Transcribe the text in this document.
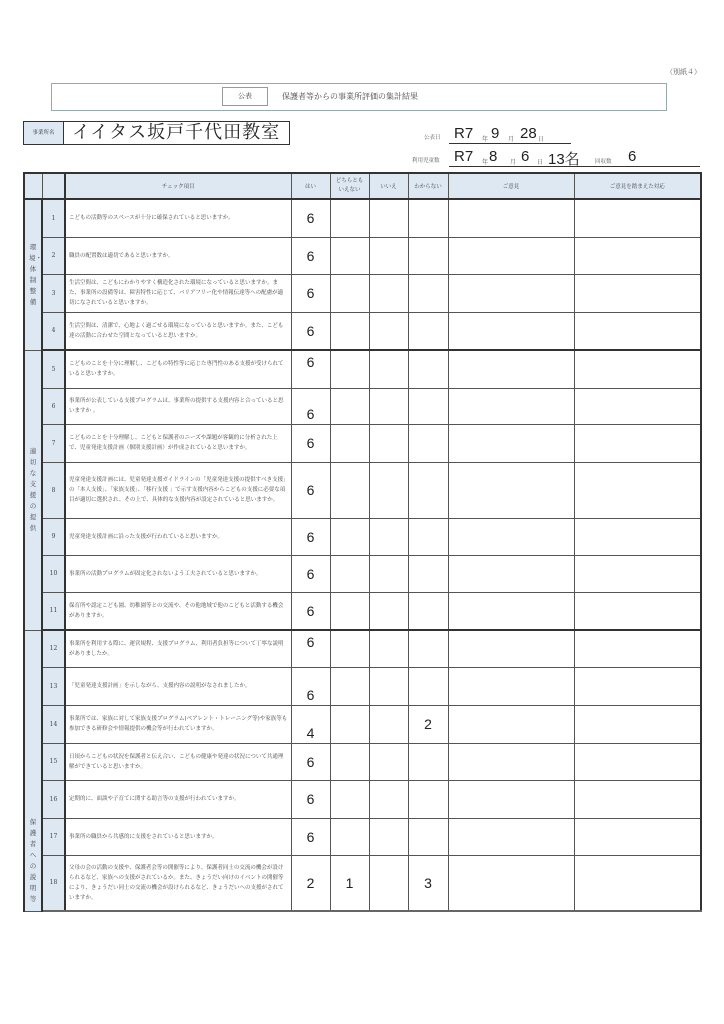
（別紙４）
公表	保護者等からの事業所評価の集計結果
事業所名 イイタス坂戸千代田教室	公表日 R7 年 9 月 28 日
利用児童数 R7 年 8 月 6 日 13名	回収数 6
		チェック項目	はい	どちらともいえない	いいえ	わからない	ご意見	ご意見を踏まえた対応
環境・体制整備	1	こどもの活動等のスペースが十分に確保されていると思いますか。	6					
	2	職員の配置数は適切であると思いますか。	6					
	3	生活空間は、こどもにわかりやすく構造化された環境になっていると思いますか。また、事業所の設備等は、障害特性に応じて、バリアフリー化や情報伝達等への配慮が適切になされていると思いますか。	6					
	4	生活空間は、清潔で、心地よく過ごせる環境になっていると思いますか。また、こども達の活動に合わせた空間となっていると思いますか。	6					
適切な支援の提供	5	こどものことを十分に理解し、こどもの特性等に応じた専門性のある支援が受けられていると思いますか。	6					
	6	事業所が公表している支援プログラムは、事業所の提供する支援内容と合っていると思いますか 。	6					
	7	こどものことを十分理解し、こどもと保護者のニーズや課題が客観的に分析された上で、児童発達支援計画（個別支援計画）が作成されていると思いますか。	6					
	8	児童発達支援計画には、児童発達支援ガイドラインの「児童発達支援の提供すべき支援」の「本人支援」、「家族支援」、「移行支援 」で示す支援内容からこどもの支援に必要な項目が適切に選択され、その上で、具体的な支援内容が設定されていると思いますか。	6					
	9	児童発達支援計画に沿った支援が行われていると思いますか。	6					
	10	事業所の活動プログラムが固定化されないよう工夫されていると思いますか。	6					
	11	保育所や認定こども園、幼稚園等との交流や、その他地域で他のこどもと活動する機会がありますか。	6					
保護者への説明等	12	事業所を利用する際に、運営規程、支援プログラム、利用者負担等について丁寧な説明がありましたか。	6					
	13	「児童発達支援計画」を示しながら、支援内容の説明がなされましたか。	6					
	14	事業所では、家族に対して家族支援プログラム(ペアレント・トレーニング等)や家族等も参加できる研修会や情報提供の機会等が行われていますか。	4			2		
	15	日頃からこどもの状況を保護者と伝え合い、こどもの健康や発達の状況について共通理解ができていると思いますか。	6					
	16	定期的に、面談や子育てに関する助言等の支援が行われていますか。	6					
	17	事業所の職員から共感的に支援をされていると思いますか。	6					
	18	父母の会の活動の支援や、保護者会等の開催等により、保護者同士の交流の機会が設けられるなど、家族への支援がされているか。また、きょうだい向けのイベントの開催等により、きょうだい同士の交流の機会が設けられるなど、きょうだいへの支援がされていますか。	2	1		3		
